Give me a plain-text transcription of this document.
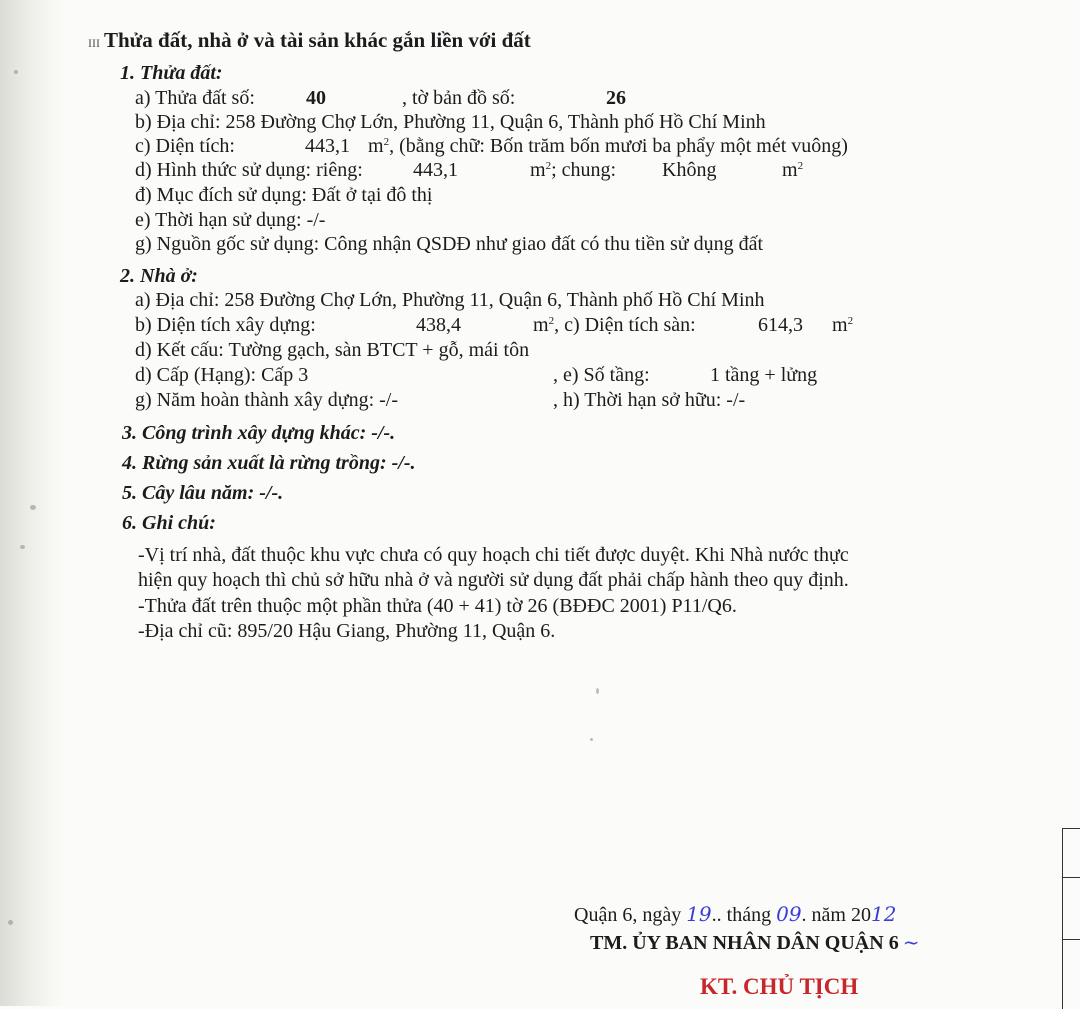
III Thửa đất, nhà ở và tài sản khác gắn liền với đất
1. Thửa đất:
a) Thửa đất số:	40	, tờ bản đồ số:	26
b) Địa chỉ: 258 Đường Chợ Lớn, Phường 11, Quận 6, Thành phố Hồ Chí Minh
c) Diện tích:	443,1 $m^2$, (bằng chữ: Bốn trăm bốn mươi ba phẩy một mét vuông)
d) Hình thức sử dụng: riêng:	443,1	$m^2$; chung: Không	$m^2$
đ) Mục đích sử dụng: Đất ở tại đô thị
e) Thời hạn sử dụng: -/-
g) Nguồn gốc sử dụng: Công nhận QSDĐ như giao đất có thu tiền sử dụng đất
2. Nhà ở:
a) Địa chỉ: 258 Đường Chợ Lớn, Phường 11, Quận 6, Thành phố Hồ Chí Minh
b) Diện tích xây dựng:	438,4	$m^2$, c) Diện tích sàn:	614,3 $m^2$
d) Kết cấu: Tường gạch, sàn BTCT + gỗ, mái tôn
d) Cấp (Hạng): Cấp 3	, e) Số tầng:	1 tầng + lửng
g) Năm hoàn thành xây dựng: -/-	, h) Thời hạn sở hữu: -/-
3. Công trình xây dựng khác: -/-.
4. Rừng sản xuất là rừng trồng: -/-.
5. Cây lâu năm: -/-.
6. Ghi chú:
-Vị trí nhà, đất thuộc khu vực chưa có quy hoạch chi tiết được duyệt. Khi Nhà nước thực
hiện quy hoạch thì chủ sở hữu nhà ở và người sử dụng đất phải chấp hành theo quy định.
-Thửa đất trên thuộc một phần thửa (40 + 41) tờ 26 (BĐĐC 2001) P11/Q6.
-Địa chỉ cũ: 895/20 Hậu Giang, Phường 11, Quận 6.
Quận 6, ngày 19.. tháng 09. năm 2012
TM. ỦY BAN NHÂN DÂN QUẬN 6 ~
KT. CHỦ TỊCH
